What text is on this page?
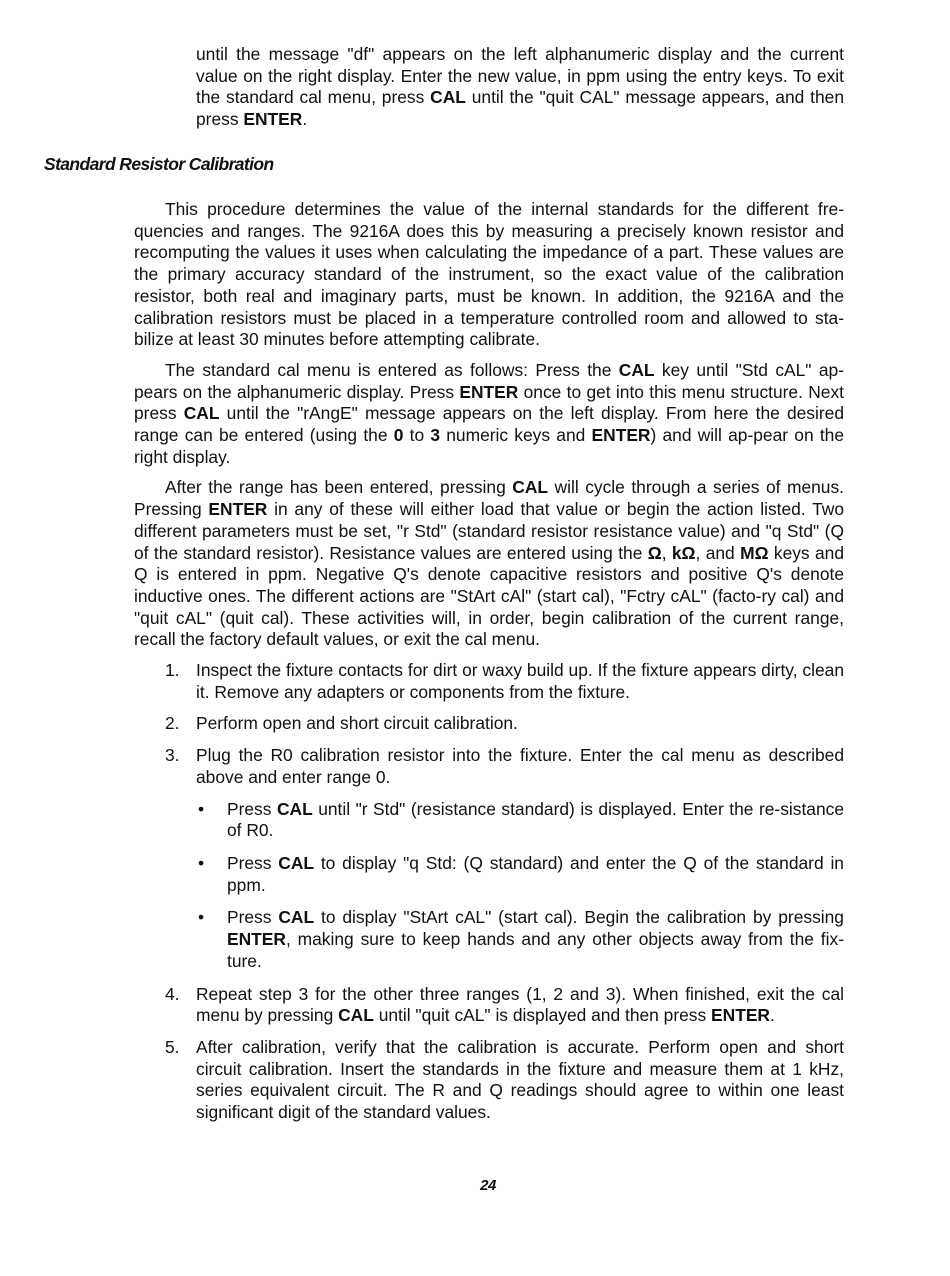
until the message "df" appears on the left alphanumeric display and the current value on the right display. Enter the new value, in ppm using the entry keys. To exit the standard cal menu, press CAL until the "quit CAL" message appears, and then press ENTER.

Standard Resistor Calibration

This procedure determines the value of the internal standards for the different fre-quencies and ranges. The 9216A does this by measuring a precisely known resistor and recomputing the values it uses when calculating the impedance of a part. These values are the primary accuracy standard of the instrument, so the exact value of the calibration resistor, both real and imaginary parts, must be known. In addition, the 9216A and the calibration resistors must be placed in a temperature controlled room and allowed to sta-bilize at least 30 minutes before attempting calibrate.

The standard cal menu is entered as follows: Press the CAL key until "Std cAL" ap-pears on the alphanumeric display. Press ENTER once to get into this menu structure. Next press CAL until the "rAngE" message appears on the left display. From here the desired range can be entered (using the 0 to 3 numeric keys and ENTER) and will ap-pear on the right display.

After the range has been entered, pressing CAL will cycle through a series of menus. Pressing ENTER in any of these will either load that value or begin the action listed. Two different parameters must be set, "r Std" (standard resistor resistance value) and "q Std" (Q of the standard resistor). Resistance values are entered using the Ω, kΩ, and MΩ keys and Q is entered in ppm. Negative Q's denote capacitive resistors and positive Q's denote inductive ones. The different actions are "StArt cAl" (start cal), "Fctry cAL" (facto-ry cal) and "quit cAL" (quit cal). These activities will, in order, begin calibration of the current range, recall the factory default values, or exit the cal menu.

1. Inspect the fixture contacts for dirt or waxy build up. If the fixture appears dirty, clean it. Remove any adapters or components from the fixture.

2. Perform open and short circuit calibration.

3. Plug the R0 calibration resistor into the fixture. Enter the cal menu as described above and enter range 0.

• Press CAL until "r Std" (resistance standard) is displayed. Enter the re-sistance of R0.

• Press CAL to display "q Std: (Q standard) and enter the Q of the standard in ppm.

• Press CAL to display "StArt cAL" (start cal). Begin the calibration by pressing ENTER, making sure to keep hands and any other objects away from the fix-ture.

4. Repeat step 3 for the other three ranges (1, 2 and 3). When finished, exit the cal menu by pressing CAL until "quit cAL" is displayed and then press ENTER.

5. After calibration, verify that the calibration is accurate. Perform open and short circuit calibration. Insert the standards in the fixture and measure them at 1 kHz, series equivalent circuit. The R and Q readings should agree to within one least significant digit of the standard values.

24
